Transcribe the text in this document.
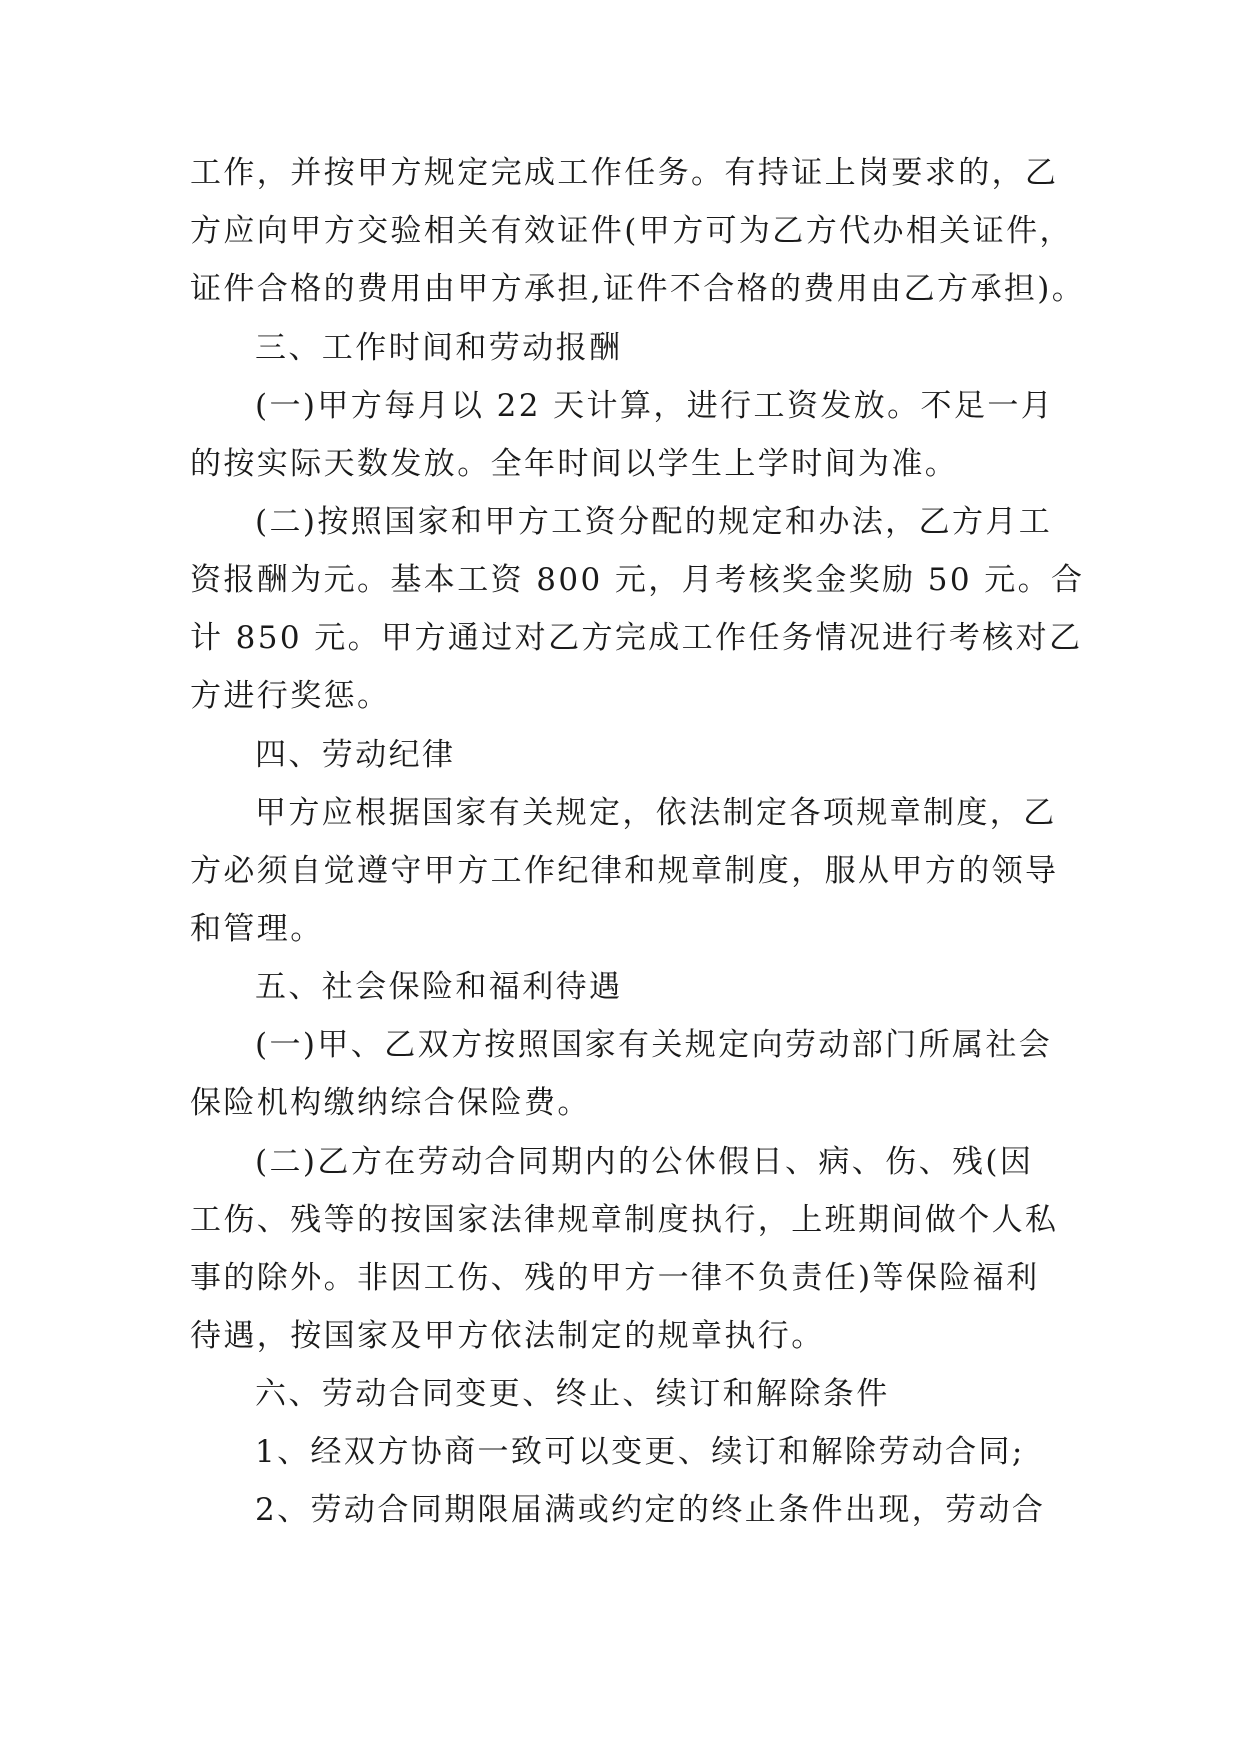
工作，并按甲方规定完成工作任务。有持证上岗要求的，乙
方应向甲方交验相关有效证件(甲方可为乙方代办相关证件，
证件合格的费用由甲方承担,证件不合格的费用由乙方承担)。
三、工作时间和劳动报酬
(一)甲方每月以 22 天计算，进行工资发放。不足一月
的按实际天数发放。全年时间以学生上学时间为准。
(二)按照国家和甲方工资分配的规定和办法，乙方月工
资报酬为元。基本工资 800 元，月考核奖金奖励 50 元。合
计 850 元。甲方通过对乙方完成工作任务情况进行考核对乙
方进行奖惩。
四、劳动纪律
甲方应根据国家有关规定，依法制定各项规章制度，乙
方必须自觉遵守甲方工作纪律和规章制度，服从甲方的领导
和管理。
五、社会保险和福利待遇
(一)甲、乙双方按照国家有关规定向劳动部门所属社会
保险机构缴纳综合保险费。
(二)乙方在劳动合同期内的公休假日、病、伤、残(因
工伤、残等的按国家法律规章制度执行，上班期间做个人私
事的除外。非因工伤、残的甲方一律不负责任)等保险福利
待遇，按国家及甲方依法制定的规章执行。
六、劳动合同变更、终止、续订和解除条件
1、经双方协商一致可以变更、续订和解除劳动合同;
2、劳动合同期限届满或约定的终止条件出现，劳动合
